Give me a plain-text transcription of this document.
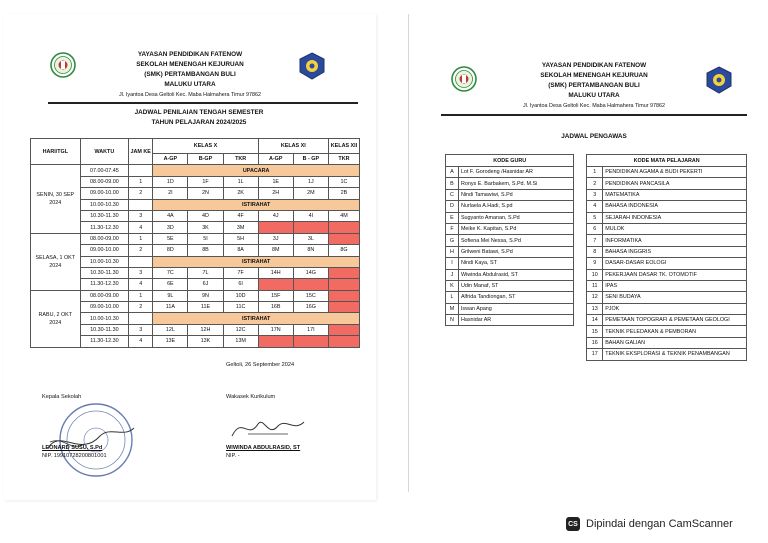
YAYASAN PENDIDIKAN FATENOW
SEKOLAH MENENGAH KEJURUAN
(SMK) PERTAMBANGAN BULI
MALUKU UTARA
Jl. Iyantoa Desa Geltoli Kec. Maba Halmahera Timur 97862
JADWAL PENILAIAN TENGAH SEMESTER
TAHUN PELAJARAN 2024/2025
HARI/TGL	WAKTU	JAM KE	KELAS X			KELAS XI		KELAS XII
			A-GP	B-GP	TKR	A-GP	B - GP	TKR
SENIN, 30 SEP 2024	07.00-07.45		UPACARA					
	08.00-09.00	1	1D	1F	1L	1E	1J	1C
	09.00-10.00	2	2I	2N	2K	2H	2M	2B
	10.00-10.30		ISTIRAHAT					
	10.30-11.30	3	4A	4D	4F	4J	4I	4M
	11.30-12.30	4	3D	3K	3M			
SELASA, 1 OKT 2024	08.00-09.00	1	5E	5I	5H	3J	3L	
	09.00-10.00	2	8D	8B	8A	8M	8N	8G
	10.00-10.30		ISTIRAHAT					
	10.30-11.30	3	7C	7L	7F	14H	14G	
	11.30-12.30	4	6E	6J	6I			
RABU, 2 OKT 2024	08.00-09.00	1	9L	9N	10D	15F	15C	
	09.00-10.00	2	11A	11E	11C	16B	16G	
	10.00-10.30		ISTIRAHAT					
	10.30-11.30	3	12L	12H	12C	17N	17I	
	11.30-12.30	4	13E	13K	13M			
Geltoli, 26 September 2024
Kepala Sekolah
LEONARD SUSU, S.Pd
NIP. 19910728200801001
Wakasek Kurikulum
WIWINDA ABDULRASID, ST
NIP. -
YAYASAN PENDIDIKAN FATENOW
SEKOLAH MENENGAH KEJURUAN
(SMK) PERTAMBANGAN BULI
MALUKU UTARA
Jl. Iyantoa Desa Geltoli Kec. Maba Halmahera Timur 97862
JADWAL PENGAWAS
KODE GURU			KODE MATA PELAJARAN	
A	Lot F. Gorodeng /Hasnidar AR		1	PENDIDIKAN AGAMA & BUDI PEKERTI
B	Ronys E. Barbakem, S.Pd. M.Si		2	PENDIDIKAN PANCASILA
C	Nindi Tamawiwi, S.Pd		3	MATEMATIKA
D	Nurlaela A.Hadi, S.pd		4	BAHASA INDONESIA
E	Sugyanto Amanan, S.Pd		5	SEJARAH INDONESIA
F	Meike K. Kapitan, S.Pd		6	MULOK
G	Sofiena Mei Nessa, S.Pd		7	INFORMATIKA
H	Grilweni Batawi, S.Pd		8	BAHASA INGGRIS
I	Nindi Kaya, ST		9	DASAR-DASAR EOLOGI
J	Wiwinda Abdulrasid, ST		10	PEKERJAAN DASAR TK. OTOMOTIF
K	Udin Manaf, ST		11	IPAS
L	Alfrida Tandiongan, ST		12	SENI BUDAYA
M	Iswan Apang		13	PJOK
N	Hasnidar AR		14	PEMETAAN TOPOGRAFI & PEMETAAN GEOLOGI
			15	TEKNIK PELEDAKAN & PEMBORAN
			16	BAHAN GALIAN
			17	TEKNIK EKSPLORASI & TEKNIK PENAMBANGAN
CS Dipindai dengan CamScanner
